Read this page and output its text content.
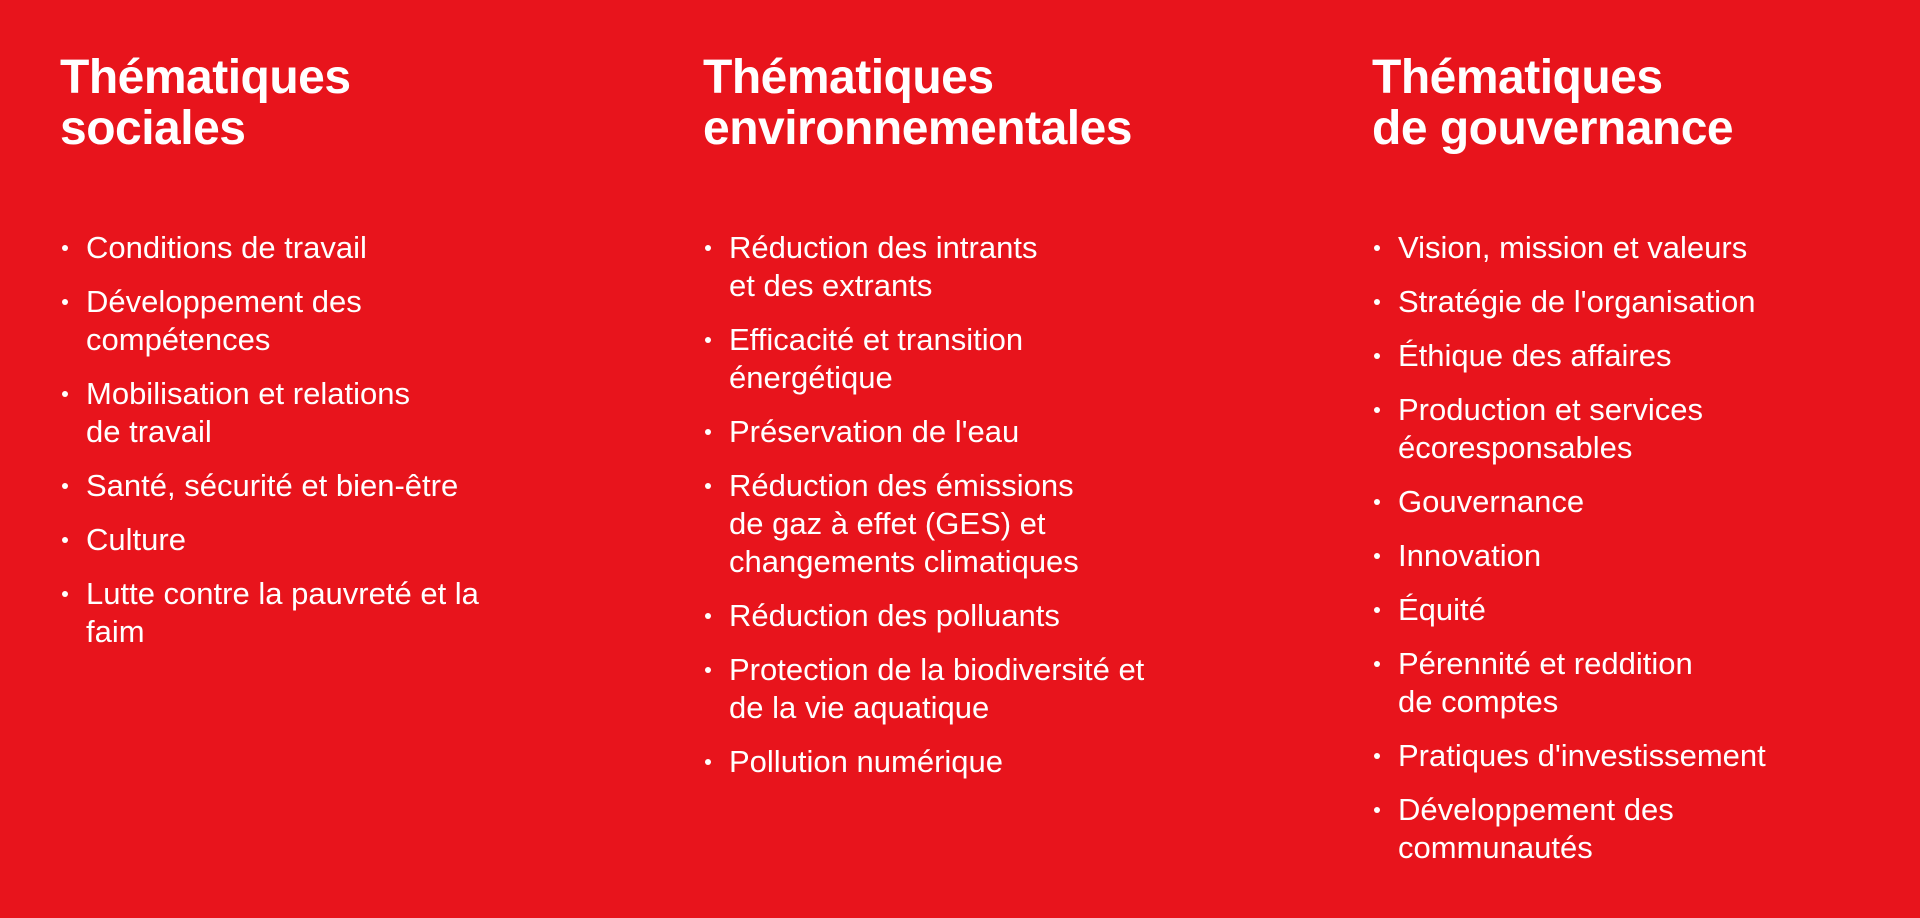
Thématiques
sociales
Conditions de travail
Développement des
compétences
Mobilisation et relations
de travail
Santé, sécurité et bien-être
Culture
Lutte contre la pauvreté et la
faim
Thématiques
environnementales
Réduction des intrants
et des extrants
Efficacité et transition
énergétique
Préservation de l'eau
Réduction des émissions
de gaz à effet (GES) et
changements climatiques
Réduction des polluants
Protection de la biodiversité et
de la vie aquatique
Pollution numérique
Thématiques
de gouvernance
Vision, mission et valeurs
Stratégie de l'organisation
Éthique des affaires
Production et services
écoresponsables
Gouvernance
Innovation
Équité
Pérennité et reddition
de comptes
Pratiques d'investissement
Développement des
communautés
